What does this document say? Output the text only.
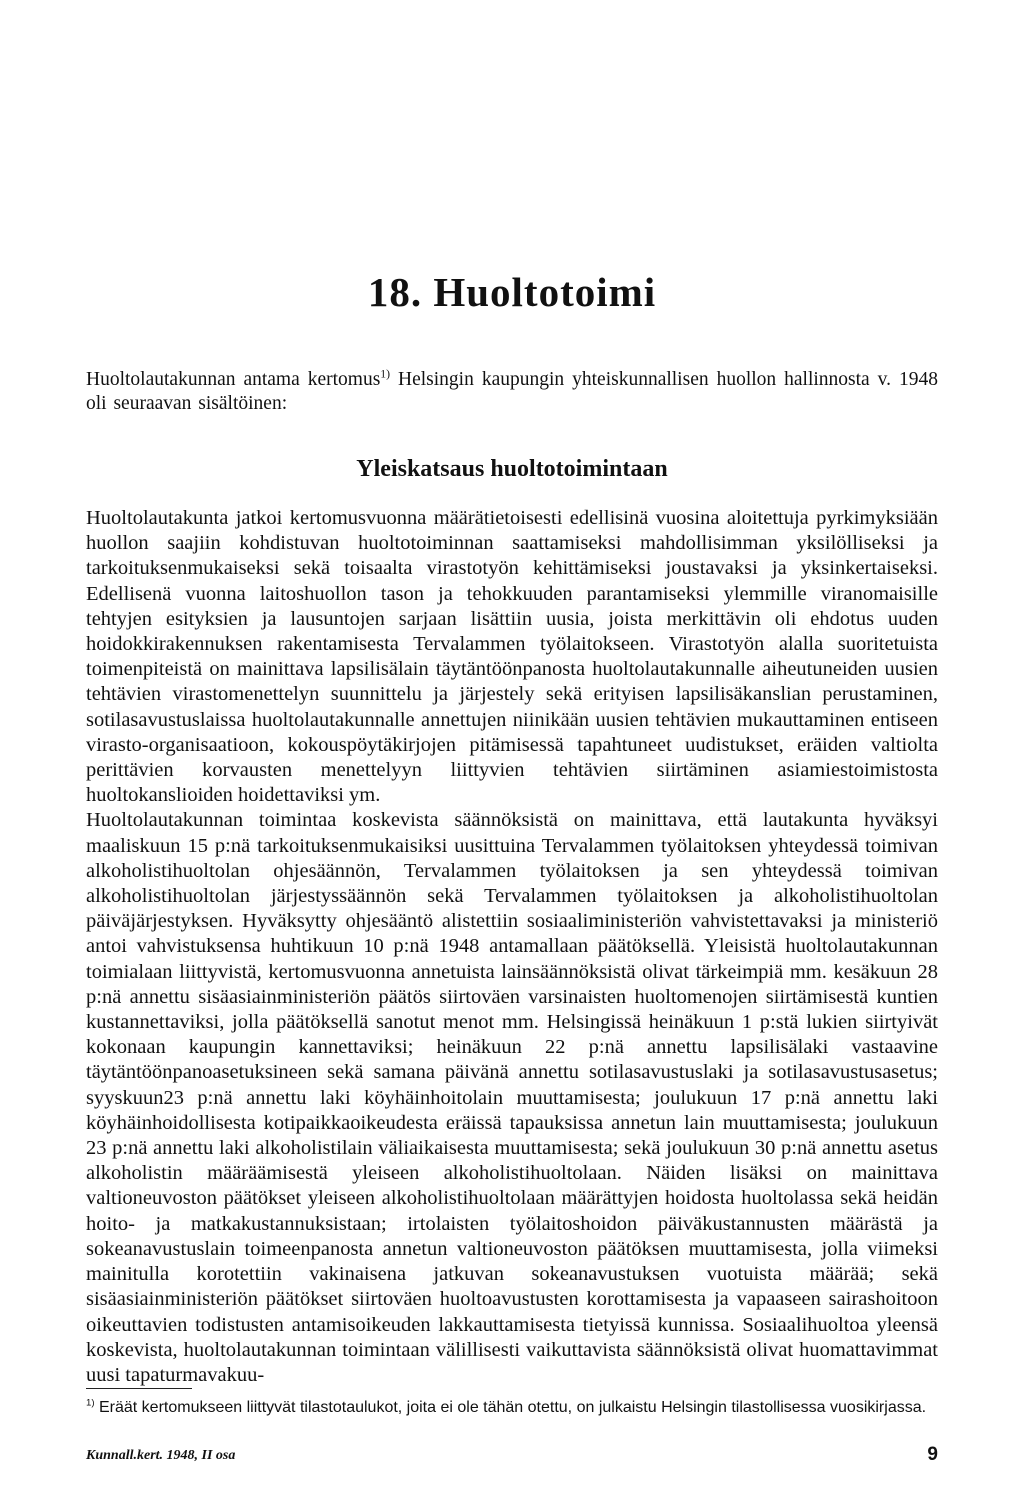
18. Huoltotoimi

Huoltolautakunnan antama kertomus$^{1)}$ Helsingin kaupungin yhteiskunnallisen huollon hallinnosta v. 1948 oli seuraavan sisältöinen:

Yleiskatsaus huoltotoimintaan

Huoltolautakunta jatkoi kertomusvuonna määrätietoisesti edellisinä vuosina aloitettuja pyrkimyksiään huollon saajiin kohdistuvan huoltotoiminnan saattamiseksi mahdollisimman yksilölliseksi ja tarkoituksenmukaiseksi sekä toisaalta virastotyön kehittämiseksi joustavaksi ja yksinkertaiseksi. Edellisenä vuonna laitoshuollon tason ja tehokkuuden parantamiseksi ylemmille viranomaisille tehtyjen esityksien ja lausuntojen sarjaan lisättiin uusia, joista merkittävin oli ehdotus uuden hoidokkirakennuksen rakentamisesta Tervalammen työlaitokseen. Virastotyön alalla suoritetuista toimenpiteistä on mainittava lapsilisälain täytäntöönpanosta huoltolautakunnalle aiheutuneiden uusien tehtävien virastomenettelyn suunnittelu ja järjestely sekä erityisen lapsilisäkanslian perustaminen, sotilasavustuslaissa huoltolautakunnalle annettujen niinikään uusien tehtävien mukauttaminen entiseen virasto-organisaatioon, kokouspöytäkirjojen pitämisessä tapahtuneet uudistukset, eräiden valtiolta perittävien korvausten menettelyyn liittyvien tehtävien siirtäminen asiamiestoimistosta huoltokanslioiden hoidettaviksi ym.

Huoltolautakunnan toimintaa koskevista säännöksistä on mainittava, että lautakunta hyväksyi maaliskuun 15 p:nä tarkoituksenmukaisiksi uusittuina Tervalammen työlaitoksen yhteydessä toimivan alkoholistihuoltolan ohjesäännön, Tervalammen työlaitoksen ja sen yhteydessä toimivan alkoholistihuoltolan järjestyssäännön sekä Tervalammen työlaitoksen ja alkoholistihuoltolan päiväjärjestyksen. Hyväksytty ohjesääntö alistettiin sosiaaliministeriön vahvistettavaksi ja ministeriö antoi vahvistuksensa huhtikuun 10 p:nä 1948 antamallaan päätöksellä. Yleisistä huoltolautakunnan toimialaan liittyvistä, kertomusvuonna annetuista lainsäännöksistä olivat tärkeimpiä mm. kesäkuun 28 p:nä annettu sisäasiainministeriön päätös siirtoväen varsinaisten huoltomenojen siirtämisestä kuntien kustannettaviksi, jolla päätöksellä sanotut menot mm. Helsingissä heinäkuun 1 p:stä lukien siirtyivät kokonaan kaupungin kannettaviksi; heinäkuun 22 p:nä annettu lapsilisälaki vastaavine täytäntöönpanoasetuksineen sekä samana päivänä annettu sotilasavustuslaki ja sotilasavustusasetus; syyskuun23 p:nä annettu laki köyhäinhoitolain muuttamisesta; joulukuun 17 p:nä annettu laki köyhäinhoidollisesta kotipaikkaoikeudesta eräissä tapauksissa annetun lain muuttamisesta; joulukuun 23 p:nä annettu laki alkoholistilain väliaikaisesta muuttamisesta; sekä joulukuun 30 p:nä annettu asetus alkoholistin määräämisestä yleiseen alkoholistihuoltolaan. Näiden lisäksi on mainittava valtioneuvoston päätökset yleiseen alkoholistihuoltolaan määrättyjen hoidosta huoltolassa sekä heidän hoito- ja matkakustannuksistaan; irtolaisten työlaitoshoidon päiväkustannusten määrästä ja sokeanavustuslain toimeenpanosta annetun valtioneuvoston päätöksen muuttamisesta, jolla viimeksi mainitulla korotettiin vakinaisena jatkuvan sokeanavustuksen vuotuista määrää; sekä sisäasiainministeriön päätökset siirtoväen huoltoavustusten korottamisesta ja vapaaseen sairashoitoon oikeuttavien todistusten antamisoikeuden lakkauttamisesta tietyissä kunnissa. Sosiaalihuoltoa yleensä koskevista, huoltolautakunnan toimintaan välillisesti vaikuttavista säännöksistä olivat huomattavimmat uusi tapaturmavakuu-

$^{1)}$ Eräät kertomukseen liittyvät tilastotaulukot, joita ei ole tähän otettu, on julkaistu Helsingin tilastollisessa vuosikirjassa.

Kunnall.kert. 1948, II osa	9
